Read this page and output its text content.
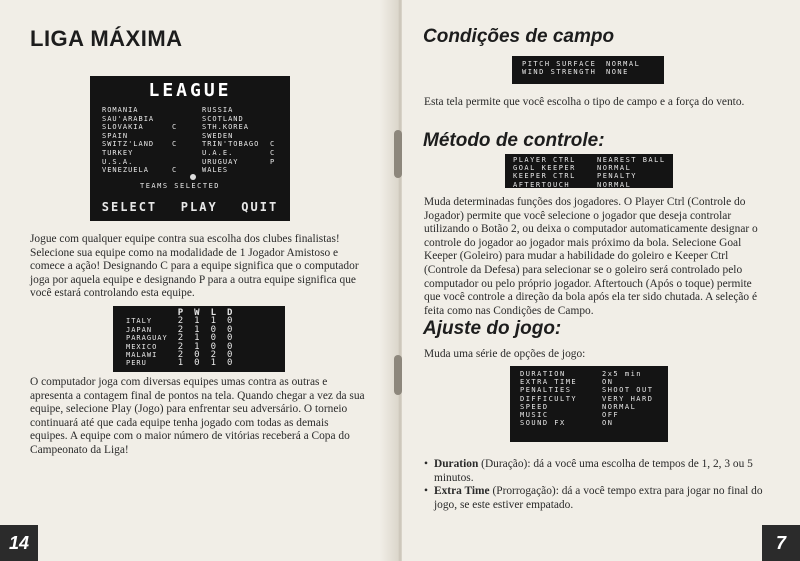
LIGA MÁXIMA
LEAGUE
ROMANIA	RUSSIA
SAU'ARABIA	SCOTLAND
SLOVAKIA	C	STH.KOREA
SPAIN	SWEDEN
SWITZ'LAND	C	TRIN'TOBAGO	C
TURKEY	U.A.E.	C
U.S.A.	URUGUAY	P
VENEZUELA	C	WALES
TEAMS SELECTED
SELECT PLAY QUIT
Jogue com qualquer equipe contra sua escolha dos clubes finalistas! Selecione sua equipe como na modalidade de 1 Jogador Amistoso e comece a ação! Designando C para a equipe significa que o computador joga por aquela equipe e designando P para a outra equipe significa que você estará controlando esta equipe.
	P	W	L	D
ITALY	2	1	1	0
JAPAN	2	1	0	0
PARAGUAY	2	1	0	0
MEXICO	2	1	0	0
MALAWI	2	0	2	0
PERU	1	0	1	0
O computador joga com diversas equipes umas contra as outras e apresenta a contagem final de pontos na tela. Quando chegar a vez da sua equipe, selecione Play (Jogo) para enfrentar seu adversário. O torneio continuará até que cada equipe tenha jogado com todas as demais equipes. A equipe com o maior número de vitórias receberá a Copa do Campeonato da Liga!
14
Condições de campo
PITCH SURFACE	NORMAL
WIND STRENGTH	NONE
Esta tela permite que você escolha o tipo de campo e a força do vento.
Método de controle:
PLAYER CTRL	NEAREST BALL
GOAL KEEPER	NORMAL
KEEPER CTRL	PENALTY
AFTERTOUCH	NORMAL
Muda determinadas funções dos jogadores. O Player Ctrl (Controle do Jogador) permite que você selecione o jogador que deseja controlar utilizando o Botão 2, ou deixa o computador automaticamente designar o controle do jogador ao jogador mais próximo da bola. Selecione Goal Keeper (Goleiro) para mudar a habilidade do goleiro e Keeper Ctrl (Controle da Defesa) para selecionar se o goleiro será controlado pelo computador ou pelo próprio jogador. Aftertouch (Após o toque) permite que você controle a direção da bola após ela ter sido chutada. A seleção é feita como nas Condições de Campo.
Ajuste do jogo:
Muda uma série de opções de jogo:
DURATION	2x5 min
EXTRA TIME	ON
PENALTIES	SHOOT OUT
DIFFICULTY	VERY HARD
SPEED	NORMAL
MUSIC	OFF
SOUND FX	ON
• Duration (Duração): dá a você uma escolha de tempos de 1, 2, 3 ou 5 minutos.
• Extra Time (Prorrogação): dá a você tempo extra para jogar no final do jogo, se este estiver empatado.
7
